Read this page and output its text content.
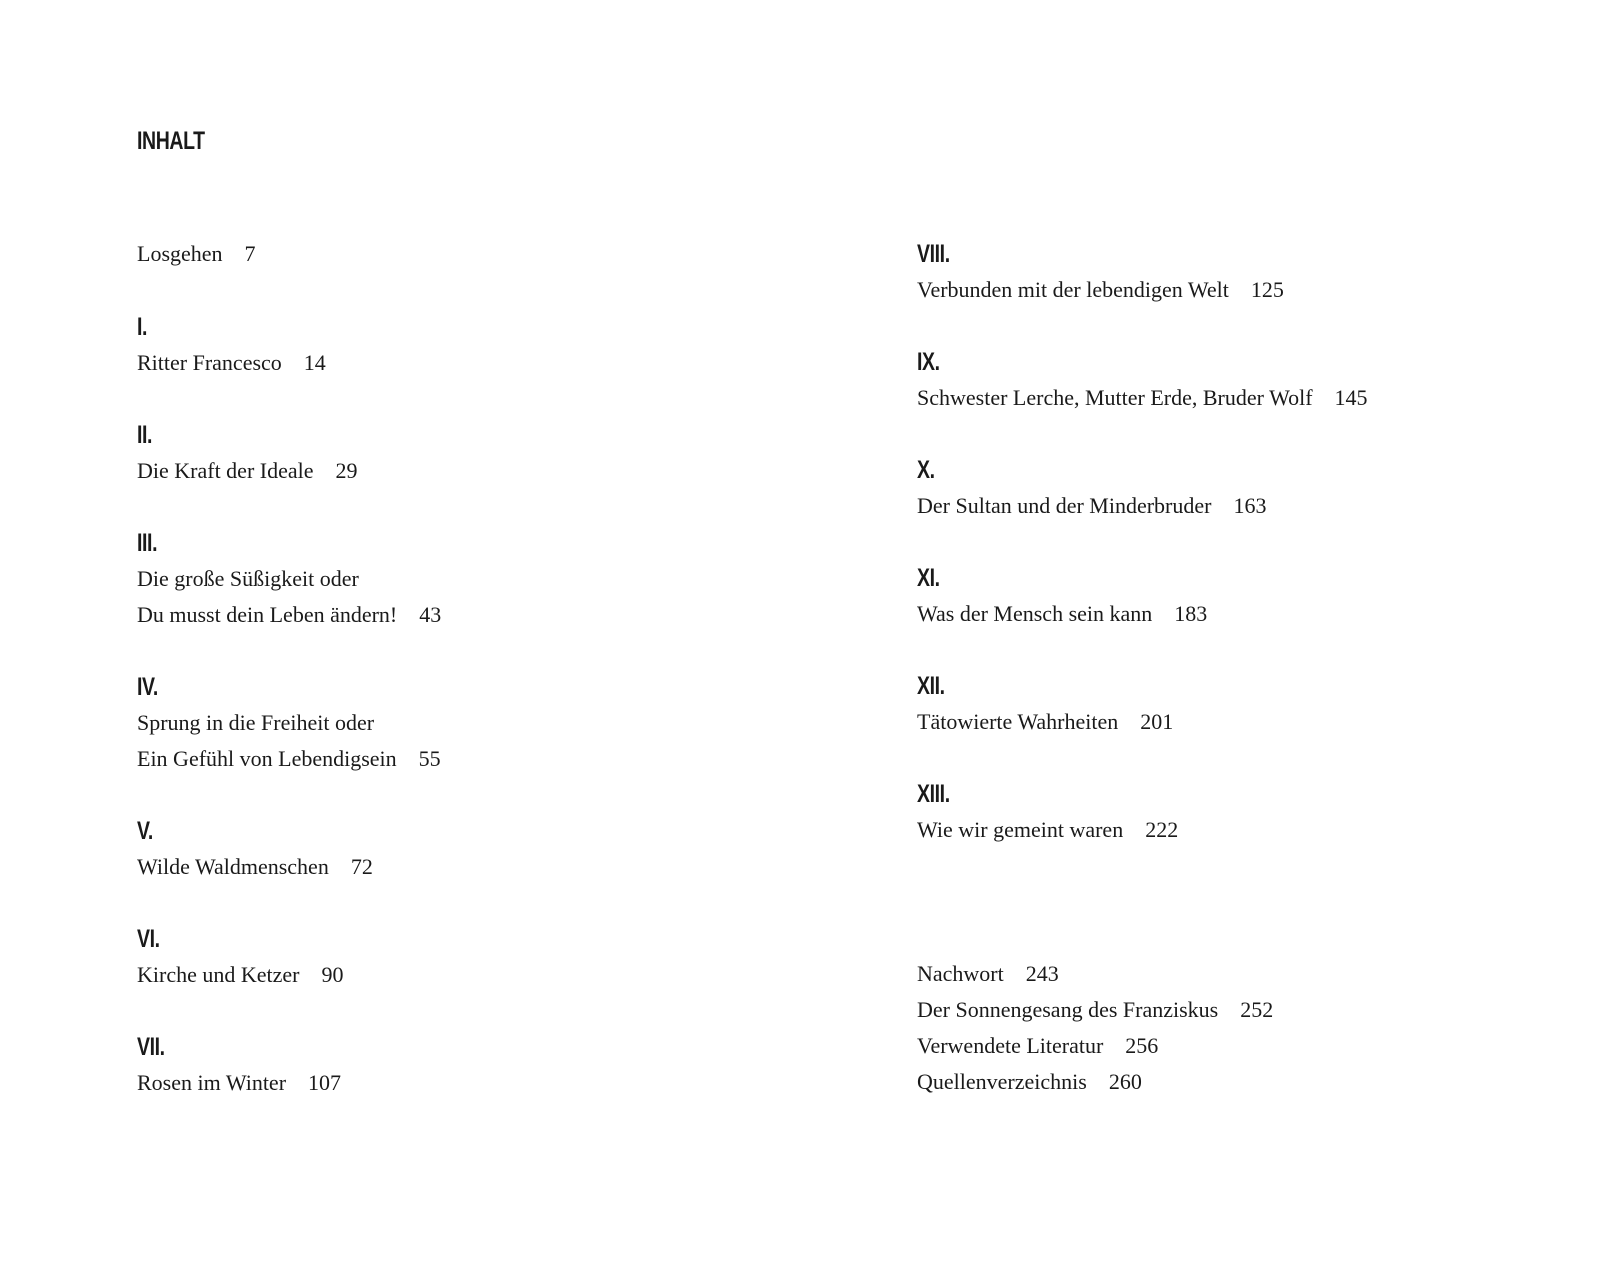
INHALT
Losgehen 7
I.
Ritter Francesco 14
II.
Die Kraft der Ideale 29
III.
Die große Süßigkeit oder
Du musst dein Leben ändern! 43
IV.
Sprung in die Freiheit oder
Ein Gefühl von Lebendigsein 55
V.
Wilde Waldmenschen 72
VI.
Kirche und Ketzer 90
VII.
Rosen im Winter 107
VIII.
Verbunden mit der lebendigen Welt 125
IX.
Schwester Lerche, Mutter Erde, Bruder Wolf 145
X.
Der Sultan und der Minderbruder 163
XI.
Was der Mensch sein kann 183
XII.
Tätowierte Wahrheiten 201
XIII.
Wie wir gemeint waren 222
Nachwort 243
Der Sonnengesang des Franziskus 252
Verwendete Literatur 256
Quellenverzeichnis 260
